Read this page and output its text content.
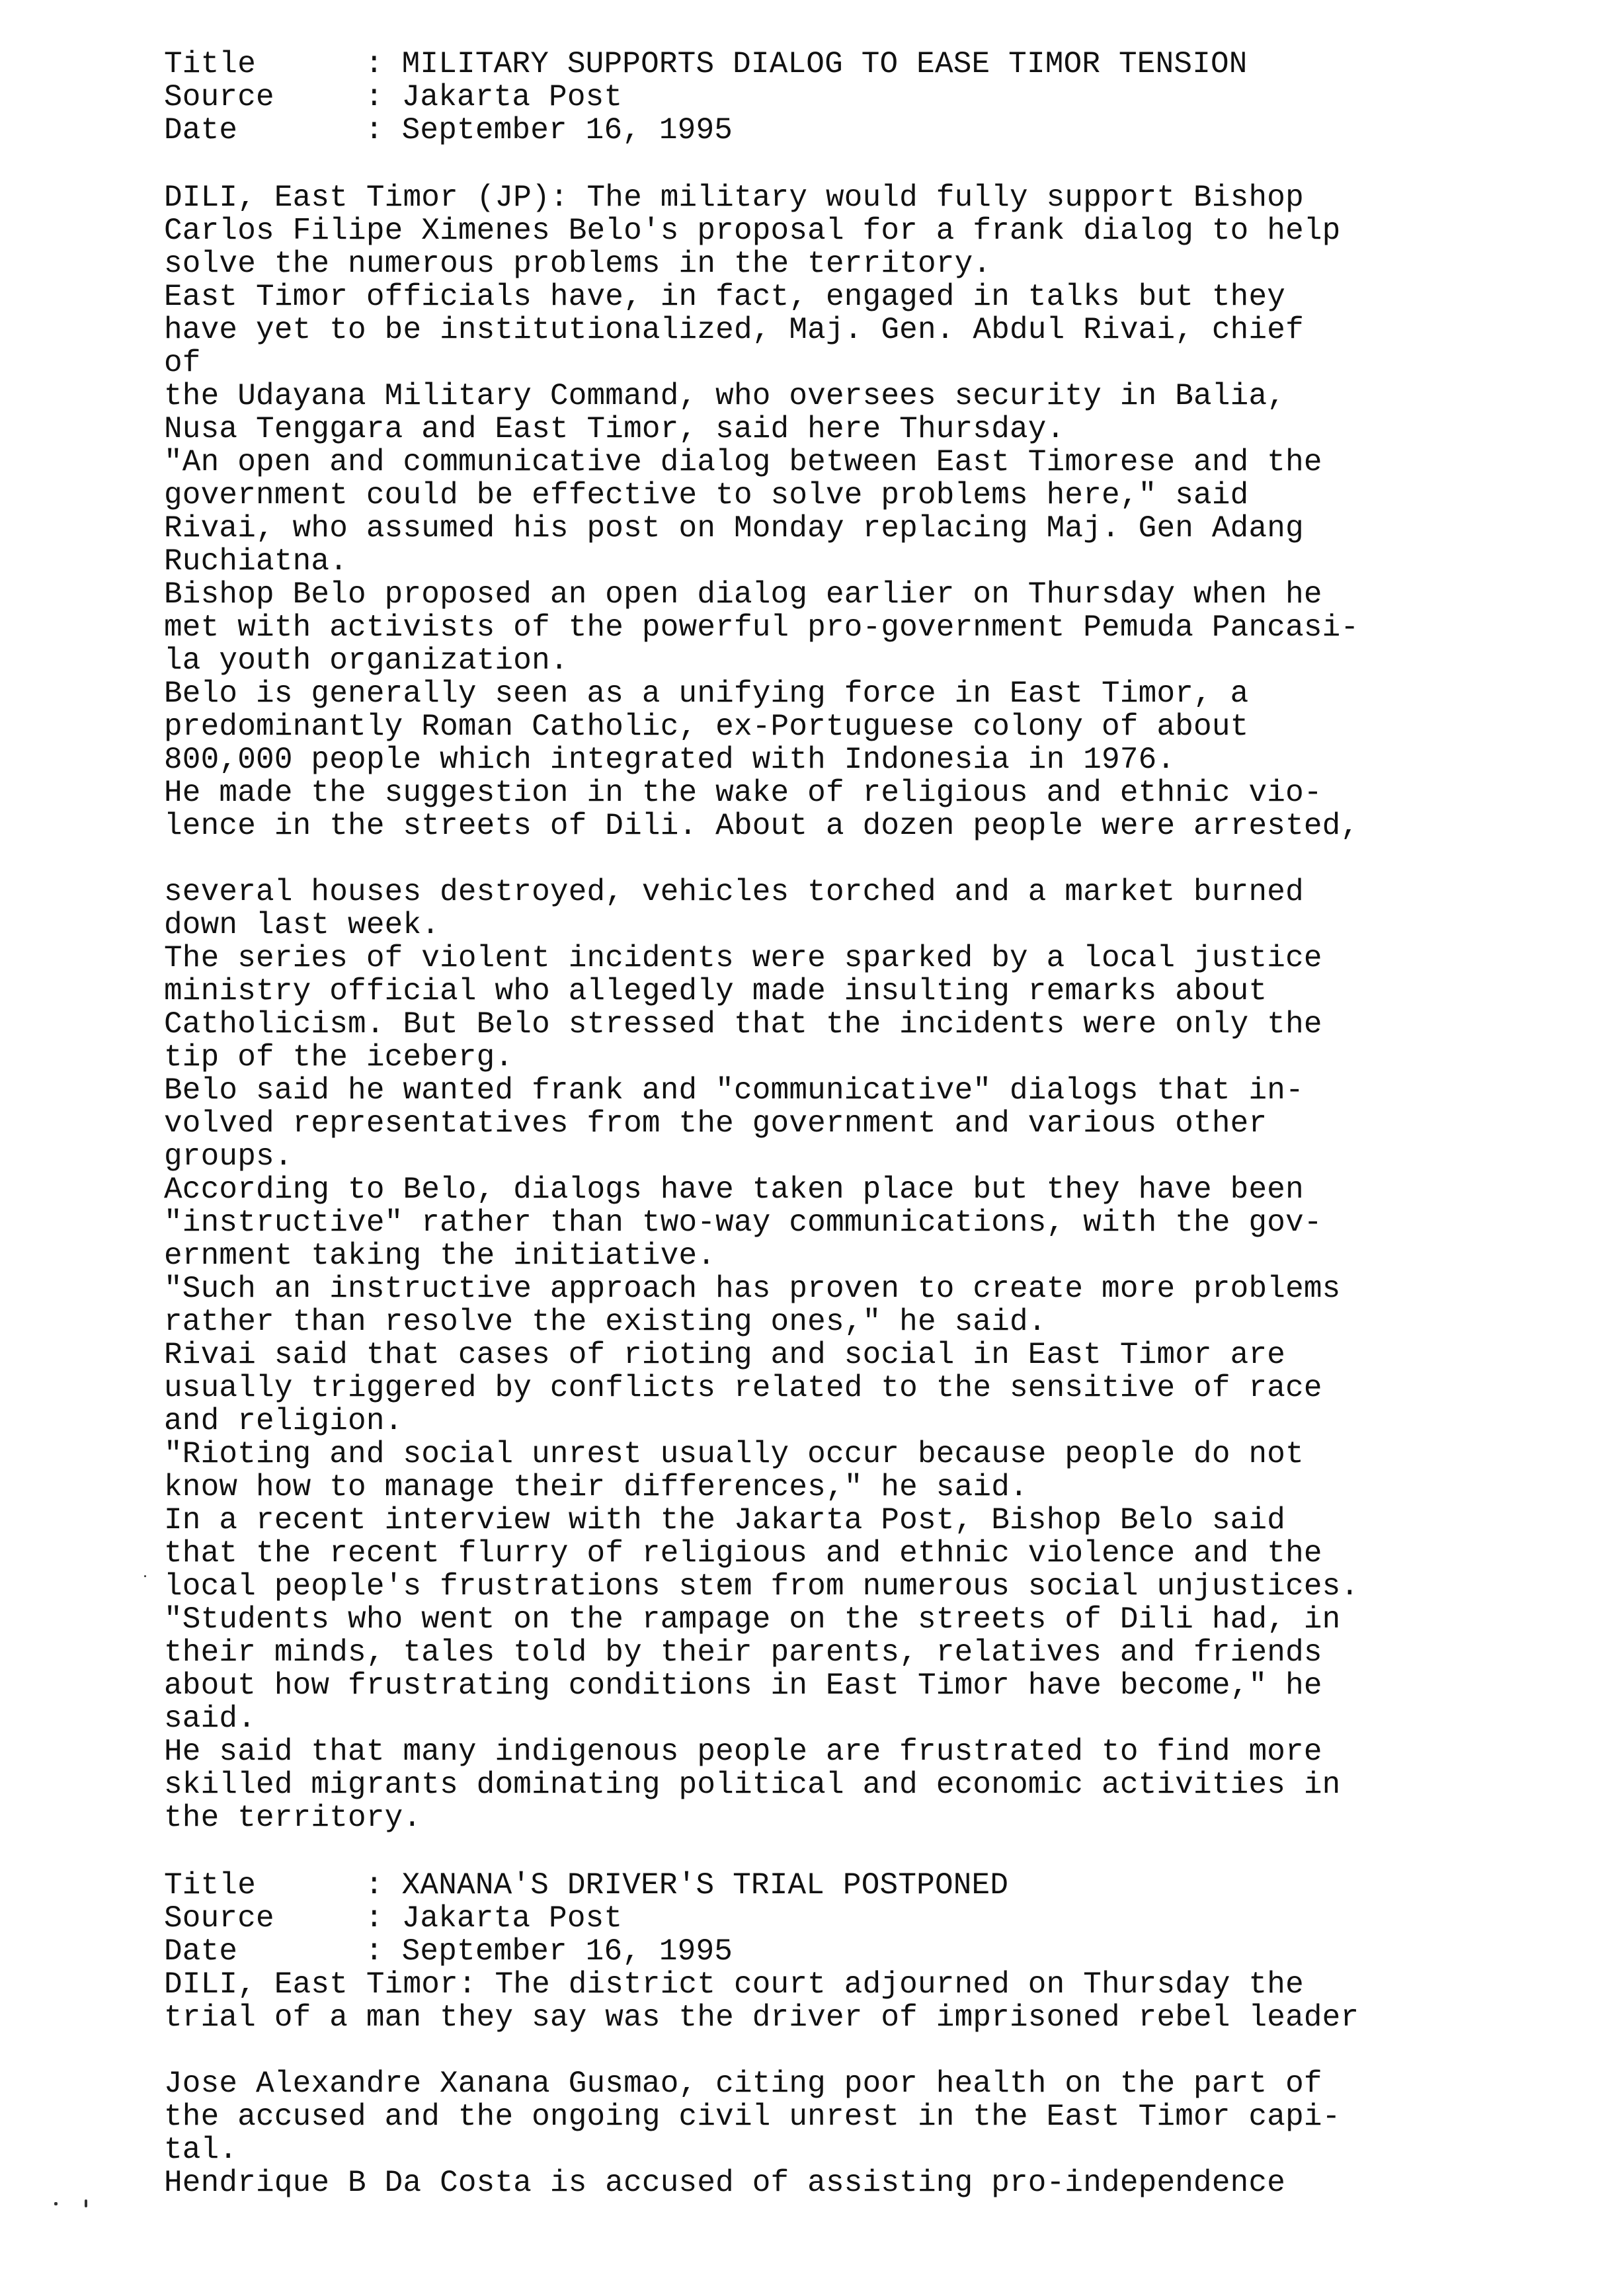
Title	: MILITARY SUPPORTS DIALOG TO EASE TIMOR TENSION
Source	: Jakarta Post
Date	: September 16, 1995
DILI, East Timor (JP): The military would fully support Bishop
Carlos Filipe Ximenes Belo's proposal for a frank dialog to help
solve the numerous problems in the territory.
East Timor officials have, in fact, engaged in talks but they
have yet to be institutionalized, Maj. Gen. Abdul Rivai, chief
of
the Udayana Military Command, who oversees security in Balia,
Nusa Tenggara and East Timor, said here Thursday.
"An open and communicative dialog between East Timorese and the
government could be effective to solve problems here," said
Rivai, who assumed his post on Monday replacing Maj. Gen Adang
Ruchiatna.
Bishop Belo proposed an open dialog earlier on Thursday when he
met with activists of the powerful pro-government Pemuda Pancasi-
la youth organization.
Belo is generally seen as a unifying force in East Timor, a
predominantly Roman Catholic, ex-Portuguese colony of about
800,000 people which integrated with Indonesia in 1976.
He made the suggestion in the wake of religious and ethnic vio-
lence in the streets of Dili. About a dozen people were arrested,
several houses destroyed, vehicles torched and a market burned
down last week.
The series of violent incidents were sparked by a local justice
ministry official who allegedly made insulting remarks about
Catholicism. But Belo stressed that the incidents were only the
tip of the iceberg.
Belo said he wanted frank and "communicative" dialogs that in-
volved representatives from the government and various other
groups.
According to Belo, dialogs have taken place but they have been
"instructive" rather than two-way communications, with the gov-
ernment taking the initiative.
"Such an instructive approach has proven to create more problems
rather than resolve the existing ones," he said.
Rivai said that cases of rioting and social in East Timor are
usually triggered by conflicts related to the sensitive of race
and religion.
"Rioting and social unrest usually occur because people do not
know how to manage their differences," he said.
In a recent interview with the Jakarta Post, Bishop Belo said
that the recent flurry of religious and ethnic violence and the
local people's frustrations stem from numerous social unjustices.
"Students who went on the rampage on the streets of Dili had, in
their minds, tales told by their parents, relatives and friends
about how frustrating conditions in East Timor have become," he
said.
He said that many indigenous people are frustrated to find more
skilled migrants dominating political and economic activities in
the territory.
Title	: XANANA'S DRIVER'S TRIAL POSTPONED
Source	: Jakarta Post
Date	: September 16, 1995
DILI, East Timor: The district court adjourned on Thursday the
trial of a man they say was the driver of imprisoned rebel leader
Jose Alexandre Xanana Gusmao, citing poor health on the part of
the accused and the ongoing civil unrest in the East Timor capi-
tal.
Hendrique B Da Costa is accused of assisting pro-independence
